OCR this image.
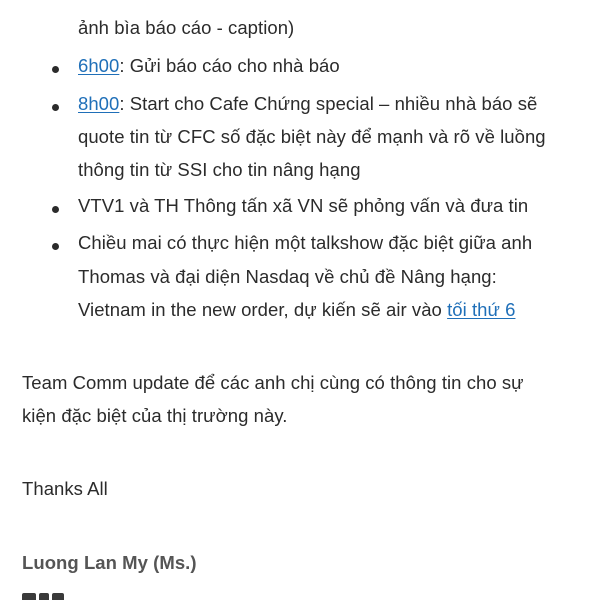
ảnh bìa báo cáo - caption)
6h00: Gửi báo cáo cho nhà báo
8h00: Start cho Cafe Chứng special – nhiều nhà báo sẽ
quote tin từ CFC số đặc biệt này để mạnh và rõ về luồng
thông tin từ SSI cho tin nâng hạng
VTV1 và TH Thông tấn xã VN sẽ phỏng vấn và đưa tin
Chiều mai có thực hiện một talkshow đặc biệt giữa anh
Thomas và đại diện Nasdaq về chủ đề Nâng hạng:
Vietnam in the new order, dự kiến sẽ air vào tối thứ 6
Team Comm update để các anh chị cùng có thông tin cho sự
kiện đặc biệt của thị trường này.
Thanks All
Luong Lan My (Ms.)
